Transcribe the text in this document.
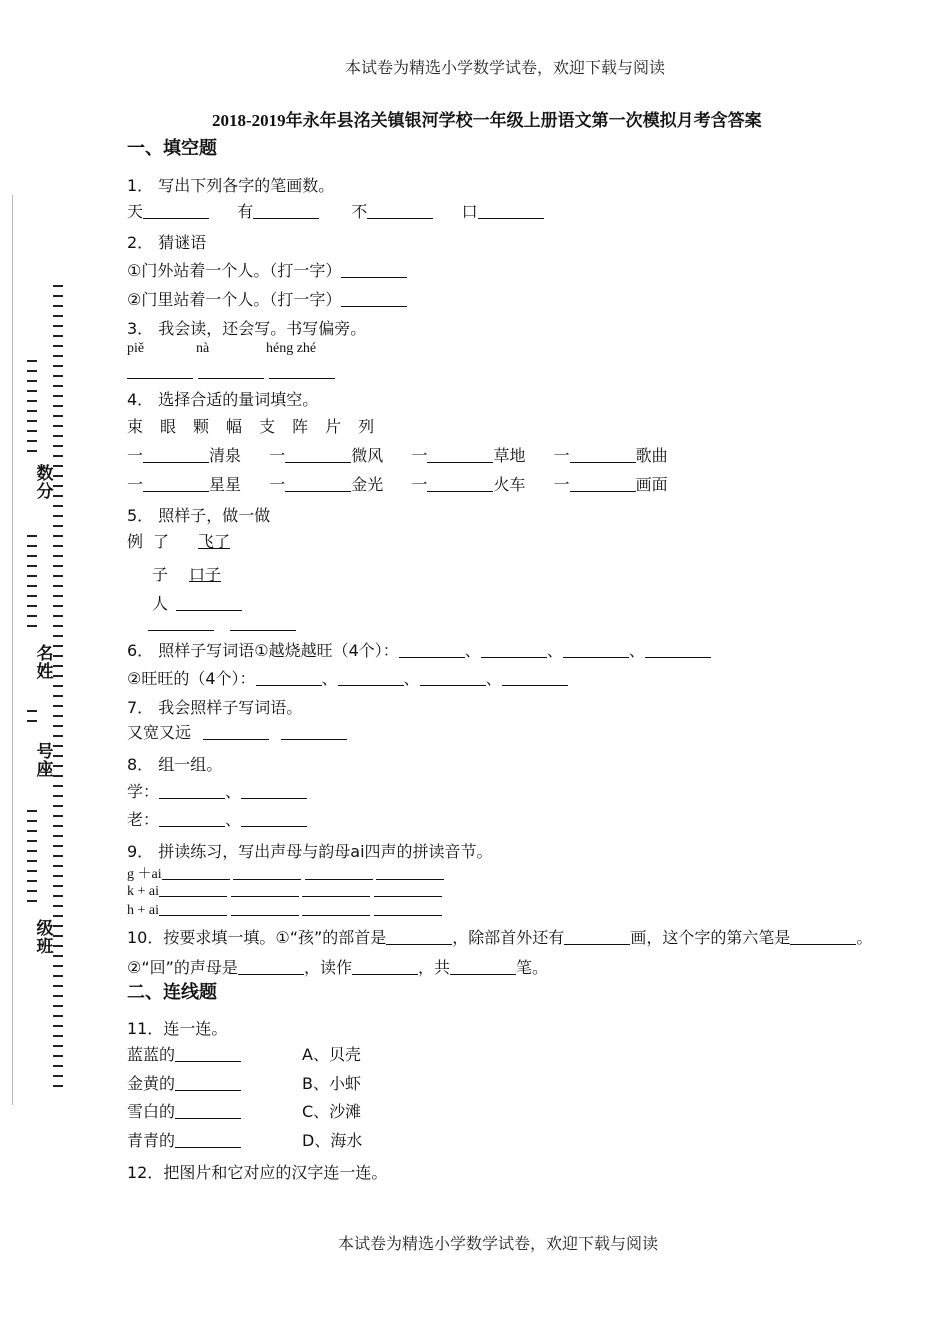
本试卷为精选小学数学试卷，欢迎下载与阅读
2018-2019年永年县洺关镇银河学校一年级上册语文第一次模拟月考含答案
数分
名姓
号座
级班
一、填空题
1． 写出下列各字的笔画数。
天	有	不	口
2． 猜谜语
①门外站着一个人。（打一字）
②门里站着一个人。（打一字）
3． 我会读，还会写。书写偏旁。
piě	nà	héng zhé

4． 选择合适的量词填空。
束 眼 颗 幅 支 阵 片 列
一	清泉 一	微风 一	草地 一	歌曲
一	星星 一	金光 一	火车 一	画面
5． 照样子，做一做
例 了 飞了
子 口子
人

6． 照样子写词语①越烧越旺（4个）：	、	、	、
②旺旺的（4个）：	、	、	、
7． 我会照样子写词语。
又宽又远
8． 组一组。
学：	、
老：	、
9． 拼读练习，写出声母与韵母ai四声的拼读音节。
g ＋ai
k + ai
h + ai
10．按要求填一填。①“孩”的部首是	，除部首外还有	画，这个字的第六笔是	。
②“回”的声母是	，读作	，共	笔。
二、连线题
11．连一连。
蓝蓝的	A、贝壳
金黄的	B、小虾
雪白的	C、沙滩
青青的	D、海水
12．把图片和它对应的汉字连一连。
本试卷为精选小学数学试卷，欢迎下载与阅读
